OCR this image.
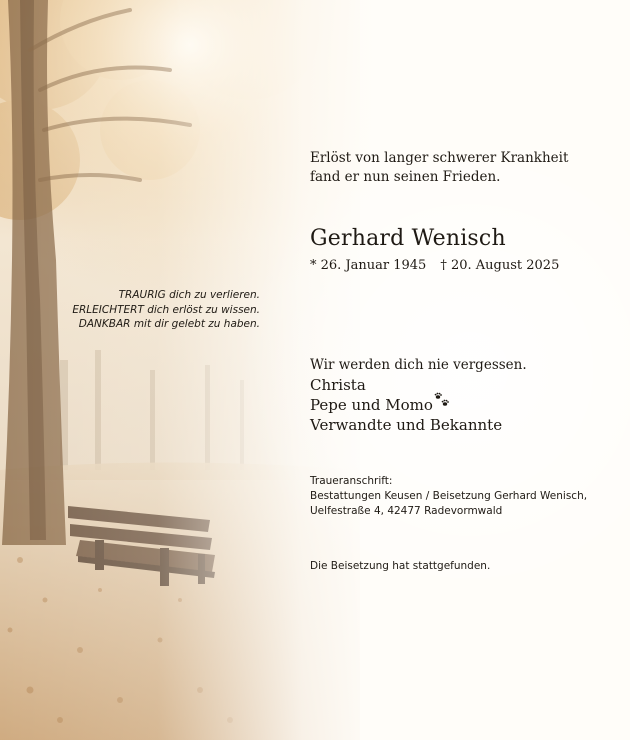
Erlöst von langer schwerer Krankheit
fand er nun seinen Frieden.
Gerhard Wenisch
* 26. Januar 1945 † 20. August 2025
TRAURIG dich zu verlieren.
ERLEICHTERT dich erlöst zu wissen.
DANKBAR mit dir gelebt zu haben.
Wir werden dich nie vergessen.
Christa
Pepe und Momo
Verwandte und Bekannte
Traueranschrift:
Bestattungen Keusen / Beisetzung Gerhard Wenisch,
Uelfestraße 4, 42477 Radevormwald
Die Beisetzung hat stattgefunden.
